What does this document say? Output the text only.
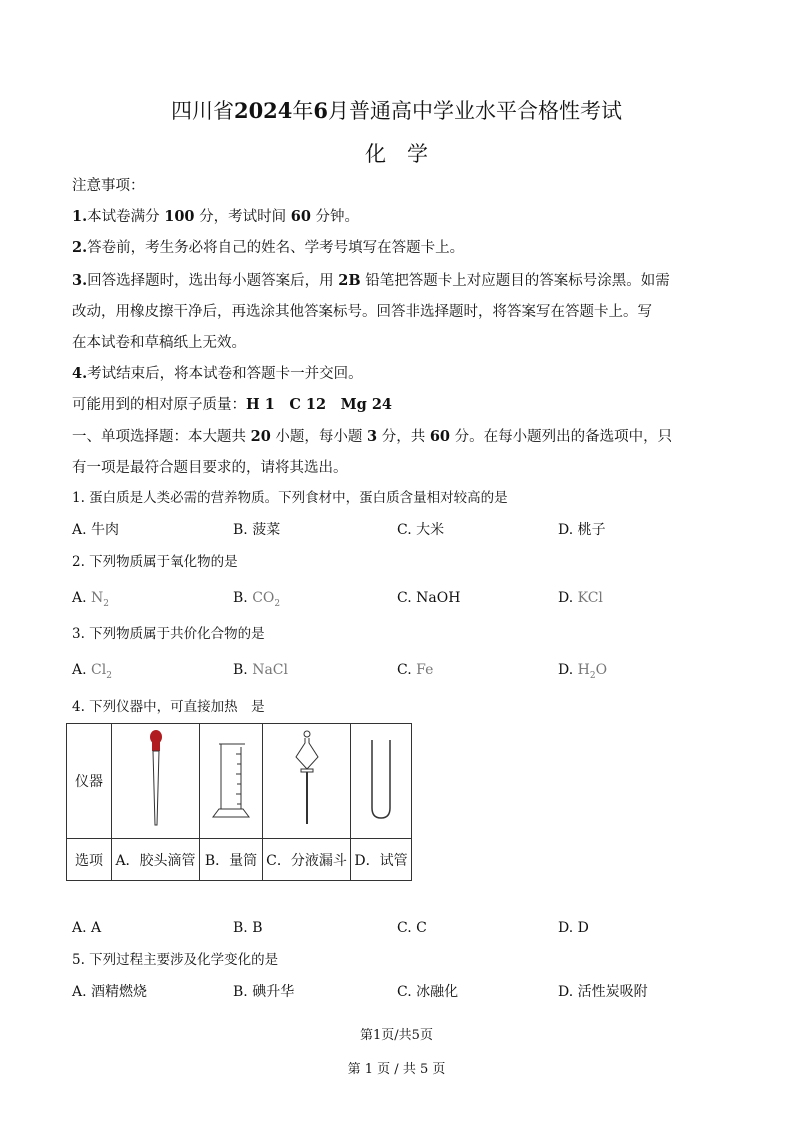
四川省2024年6月普通高中学业水平合格性考试
化　学
注意事项：
1.本试卷满分 100 分，考试时间 60 分钟。
2.答卷前，考生务必将自己的姓名、学考号填写在答题卡上。
3.回答选择题时，选出每小题答案后，用 2B 铅笔把答题卡上对应题目的答案标号涂黑。如需
改动，用橡皮擦干净后，再选涂其他答案标号。回答非选择题时，将答案写在答题卡上。写
在本试卷和草稿纸上无效。
4.考试结束后，将本试卷和答题卡一并交回。
可能用到的相对原子质量：H 1　C 12　Mg 24
一、单项选择题：本大题共 20 小题，每小题 3 分，共 60 分。在每小题列出的备选项中，只
有一项是最符合题目要求的，请将其选出。
1. 蛋白质是人类必需的营养物质。下列食材中，蛋白质含量相对较高的是
A. 牛肉	B. 菠菜	C. 大米	D. 桃子
2. 下列物质属于氧化物的是
A. $N_2$	B. $CO_2$	C. NaOH	D. KCl
3. 下列物质属于共价化合物的是
A. $Cl_2$	B. NaCl	C. Fe	D. $H_2O$
4. 下列仪器中，可直接加热　是
仪器				
选项	A．胶头滴管	B．量筒	C．分液漏斗	D．试管
A. A	B. B	C. C	D. D
5. 下列过程主要涉及化学变化的是
A. 酒精燃烧	B. 碘升华	C. 冰融化	D. 活性炭吸附
第1页/共5页
第 1 页 / 共 5 页
